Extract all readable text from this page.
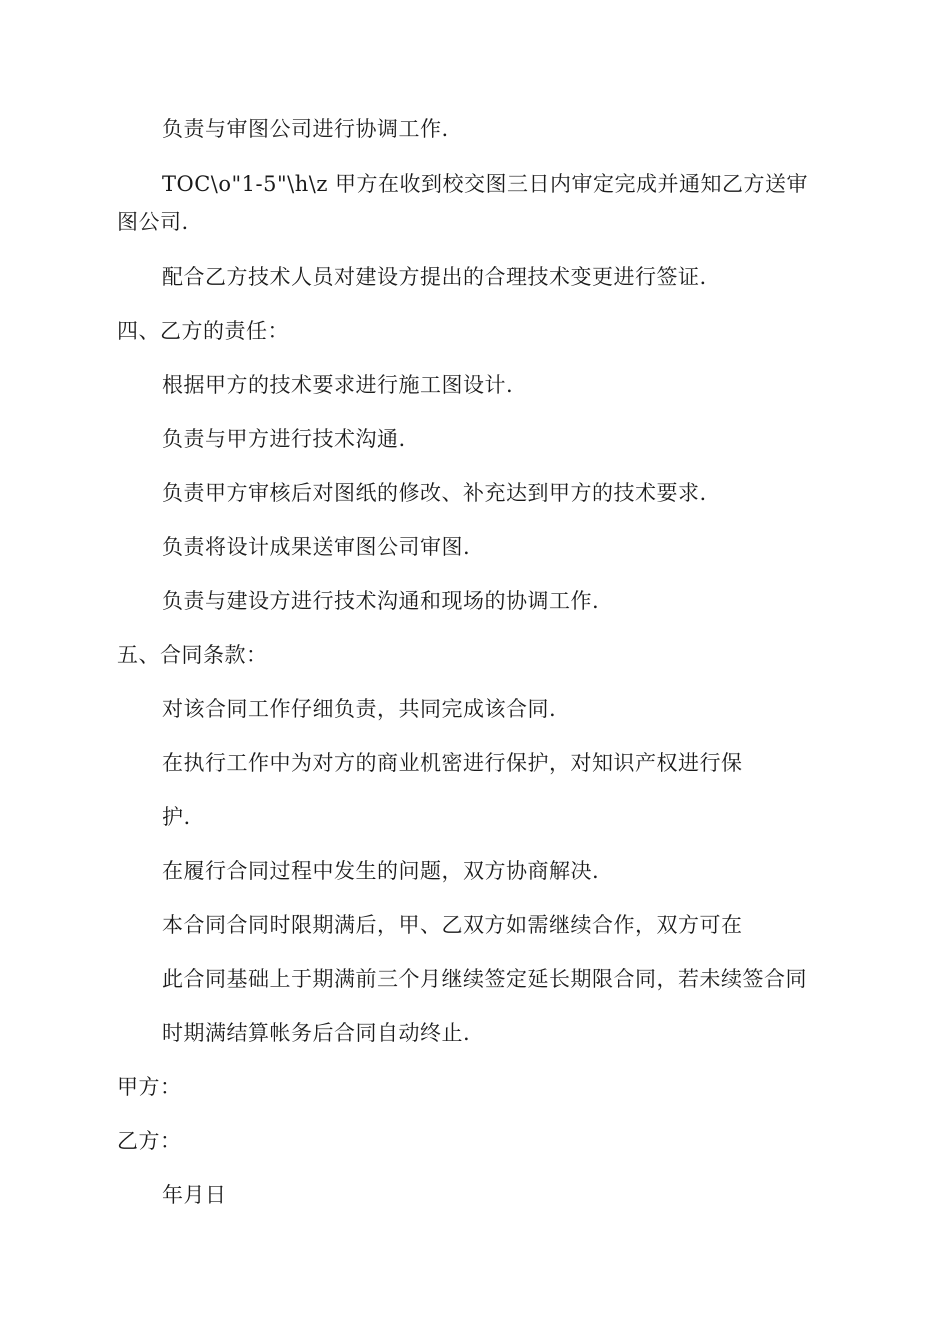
负责与审图公司进行协调工作.
TOC\o"1-5"\h\z 甲方在收到校交图三日内审定完成并通知乙方送审
图公司.
配合乙方技术人员对建设方提出的合理技术变更进行签证.
四、乙方的责任：
根据甲方的技术要求进行施工图设计.
负责与甲方进行技术沟通.
负责甲方审核后对图纸的修改、补充达到甲方的技术要求.
负责将设计成果送审图公司审图.
负责与建设方进行技术沟通和现场的协调工作.
五、合同条款：
对该合同工作仔细负责，共同完成该合同.
在执行工作中为对方的商业机密进行保护，对知识产权进行保
护.
在履行合同过程中发生的问题，双方协商解决.
本合同合同时限期满后，甲、乙双方如需继续合作，双方可在
此合同基础上于期满前三个月继续签定延长期限合同，若未续签合同
时期满结算帐务后合同自动终止.
甲方：
乙方：
年月日
